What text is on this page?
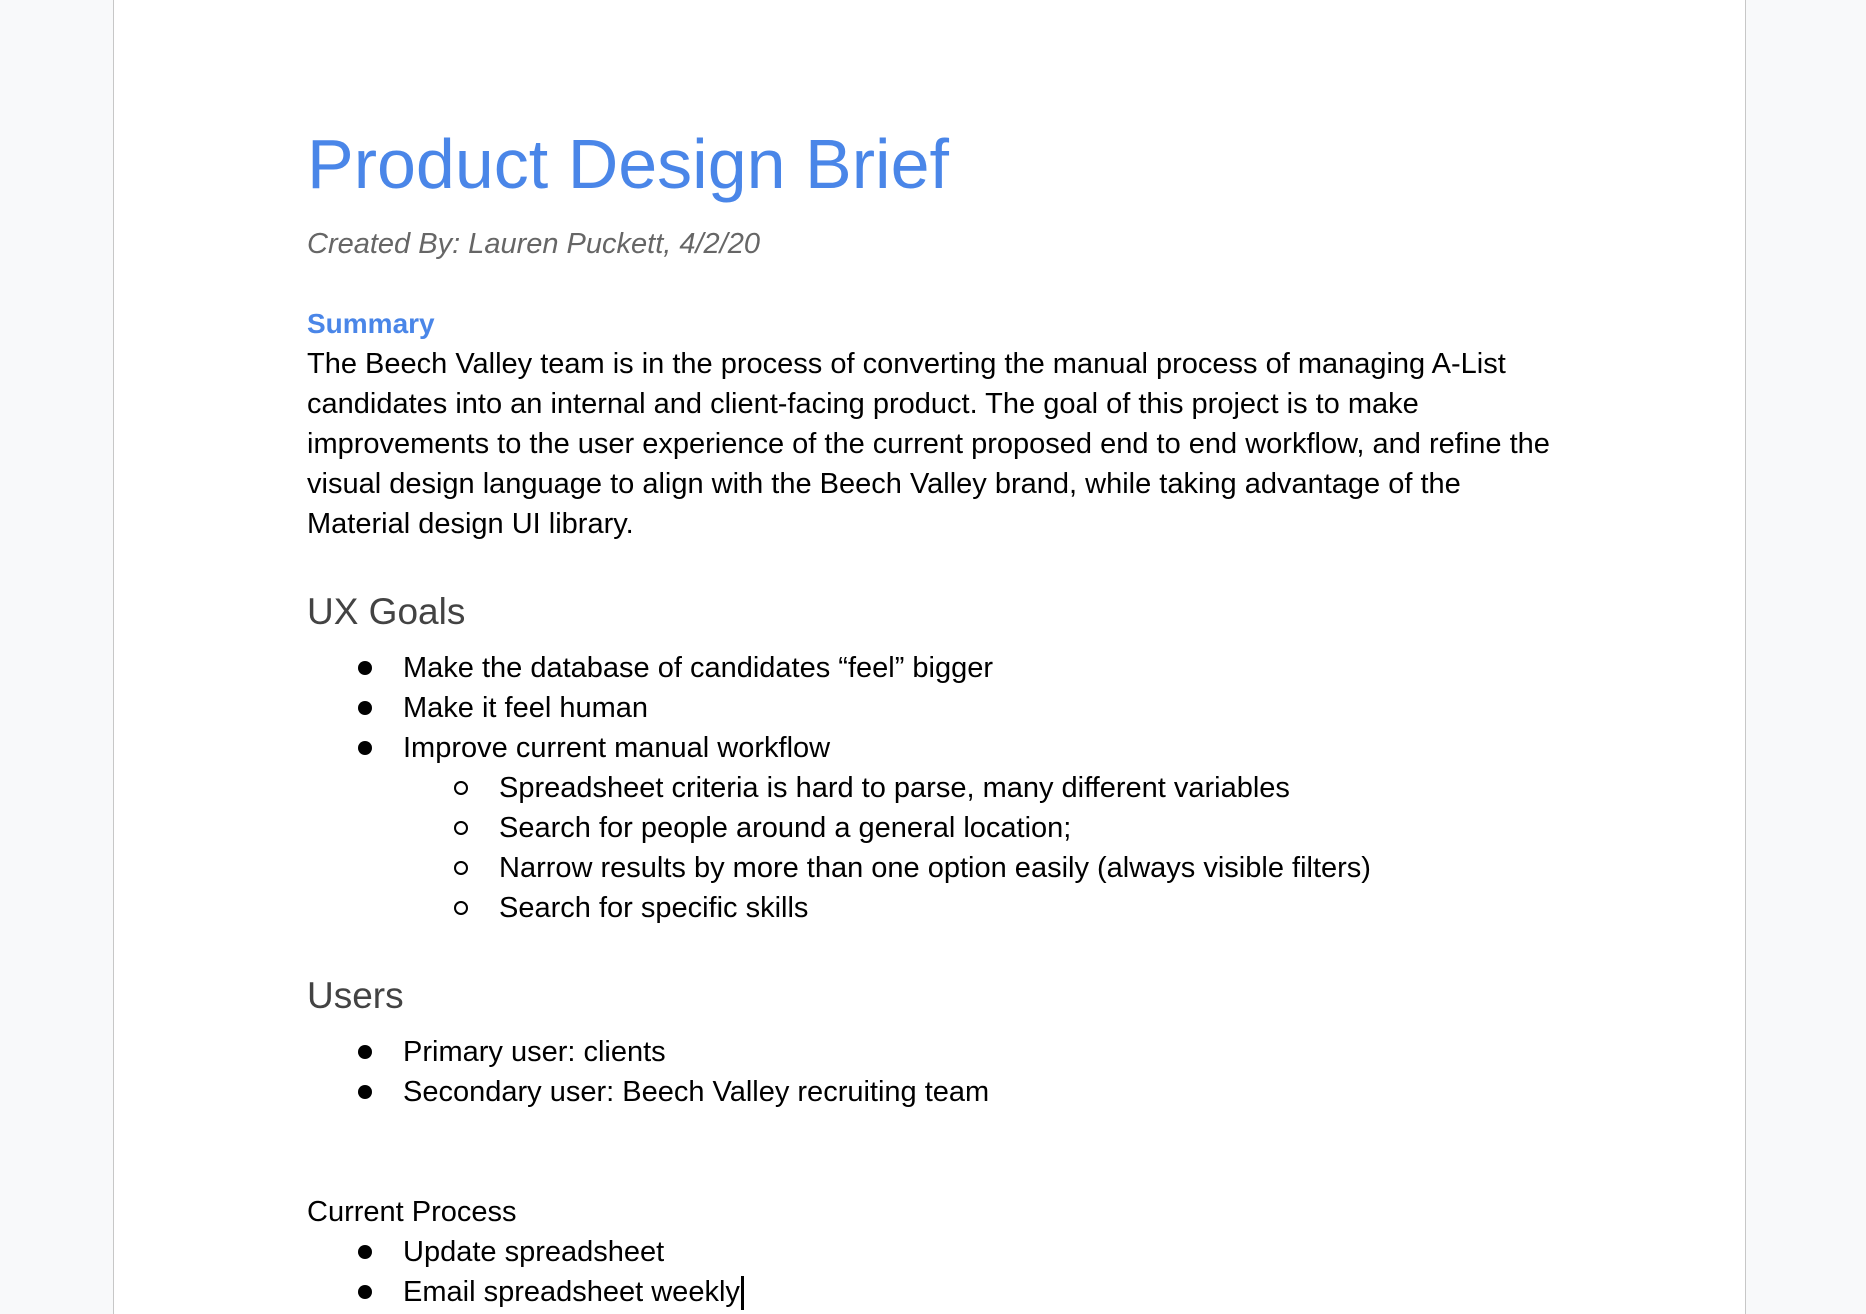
Product Design Brief

Created By: Lauren Puckett, 4/2/20

Summary

The Beech Valley team is in the process of converting the manual process of managing A-List candidates into an internal and client-facing product. The goal of this project is to make improvements to the user experience of the current proposed end to end workflow, and refine the visual design language to align with the Beech Valley brand, while taking advantage of the Material design UI library.

UX Goals
Make the database of candidates “feel” bigger
Make it feel human
Improve current manual workflow
Spreadsheet criteria is hard to parse, many different variables
Search for people around a general location;
Narrow results by more than one option easily (always visible filters)
Search for specific skills
Users
Primary user: clients
Secondary user: Beech Valley recruiting team

Current Process

Update spreadsheet
Email spreadsheet weekly
